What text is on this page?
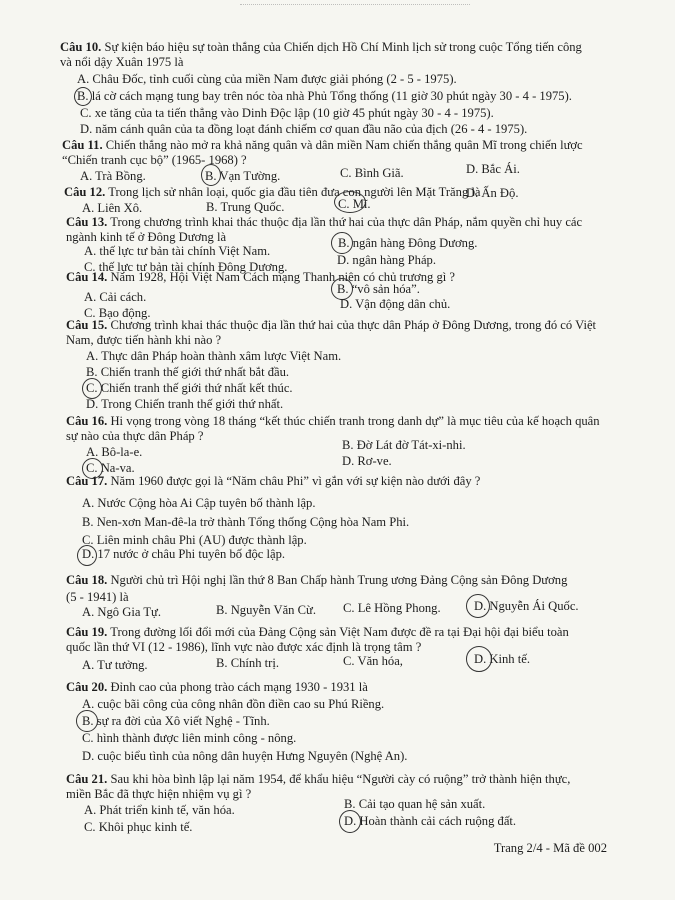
Câu 10. Sự kiện báo hiệu sự toàn thắng của Chiến dịch Hồ Chí Minh lịch sử trong cuộc Tổng tiến công
và nổi dậy Xuân 1975 là
A. Châu Đốc, tỉnh cuối cùng của miền Nam được giải phóng (2 - 5 - 1975).
B. lá cờ cách mạng tung bay trên nóc tòa nhà Phủ Tổng thống (11 giờ 30 phút ngày 30 - 4 - 1975).
C. xe tăng của ta tiến thẳng vào Dinh Độc lập (10 giờ 45 phút ngày 30 - 4 - 1975).
D. năm cánh quân của ta đồng loạt đánh chiếm cơ quan đầu não của địch (26 - 4 - 1975).
Câu 11. Chiến thắng nào mở ra khả năng quân và dân miền Nam chiến thắng quân Mĩ trong chiến lược
“Chiến tranh cục bộ” (1965- 1968) ?
A. Trà Bồng.	B. Vạn Tường.	C. Bình Giã.	D. Bắc Ái.
Câu 12. Trong lịch sử nhân loại, quốc gia đầu tiên đưa con người lên Mặt Trăng là
A. Liên Xô.	B. Trung Quốc.	C. Mĩ.
D. Ấn Độ.
Câu 13. Trong chương trình khai thác thuộc địa lần thứ hai của thực dân Pháp, nắm quyền chỉ huy các
ngành kinh tế ở Đông Dương là
A. thế lực tư bản tài chính Việt Nam.
B. ngân hàng Đông Dương.
C. thế lực tư bản tài chính Đông Dương.	D. ngân hàng Pháp.
Câu 14. Năm 1928, Hội Việt Nam Cách mạng Thanh niên có chủ trương gì ?
A. Cải cách.
B. “vô sản hóa”.
C. Bạo động.
D. Vận động dân chủ.
Câu 15. Chương trình khai thác thuộc địa lần thứ hai của thực dân Pháp ở Đông Dương, trong đó có Việt
Nam, được tiến hành khi nào ?
A. Thực dân Pháp hoàn thành xâm lược Việt Nam.
B. Chiến tranh thế giới thứ nhất bắt đầu.
C. Chiến tranh thế giới thứ nhất kết thúc.
D. Trong Chiến tranh thế giới thứ nhất.
Câu 16. Hi vọng trong vòng 18 tháng “kết thúc chiến tranh trong danh dự” là mục tiêu của kế hoạch quân
sự nào của thực dân Pháp ?
A. Bô-la-e.	B. Đờ Lát đờ Tát-xi-nhi.
C. Na-va.	D. Rơ-ve.
Câu 17. Năm 1960 được gọi là “Năm châu Phi” vì gắn với sự kiện nào dưới đây ?
A. Nước Cộng hòa Ai Cập tuyên bố thành lập.
B. Nen-xơn Man-đê-la trở thành Tổng thống Cộng hòa Nam Phi.
C. Liên minh châu Phi (AU) được thành lập.
D. 17 nước ở châu Phi tuyên bố độc lập.
Câu 18. Người chủ trì Hội nghị lần thứ 8 Ban Chấp hành Trung ương Đảng Cộng sản Đông Dương
(5 - 1941) là
A. Ngô Gia Tự.	B. Nguyễn Văn Cừ. C. Lê Hồng Phong.	D. Nguyễn Ái Quốc.
Câu 19. Trong đường lối đổi mới của Đảng Cộng sản Việt Nam được đề ra tại Đại hội đại biểu toàn
quốc lần thứ VI (12 - 1986), lĩnh vực nào được xác định là trọng tâm ?
A. Tư tưởng.	B. Chính trị.	C. Văn hóa,	D. Kinh tế.
Câu 20. Đỉnh cao của phong trào cách mạng 1930 - 1931 là
A. cuộc bãi công của công nhân đồn điền cao su Phú Riềng.
B. sự ra đời của Xô viết Nghệ - Tĩnh.
C. hình thành được liên minh công - nông.
D. cuộc biểu tình của nông dân huyện Hưng Nguyên (Nghệ An).
Câu 21. Sau khi hòa bình lập lại năm 1954, để khẩu hiệu “Người cày có ruộng” trở thành hiện thực,
miền Bắc đã thực hiện nhiệm vụ gì ?
A. Phát triển kinh tế, văn hóa.	B. Cải tạo quan hệ sản xuất.
C. Khôi phục kinh tế.	D. Hoàn thành cải cách ruộng đất.
Trang 2/4 - Mã đề 002
